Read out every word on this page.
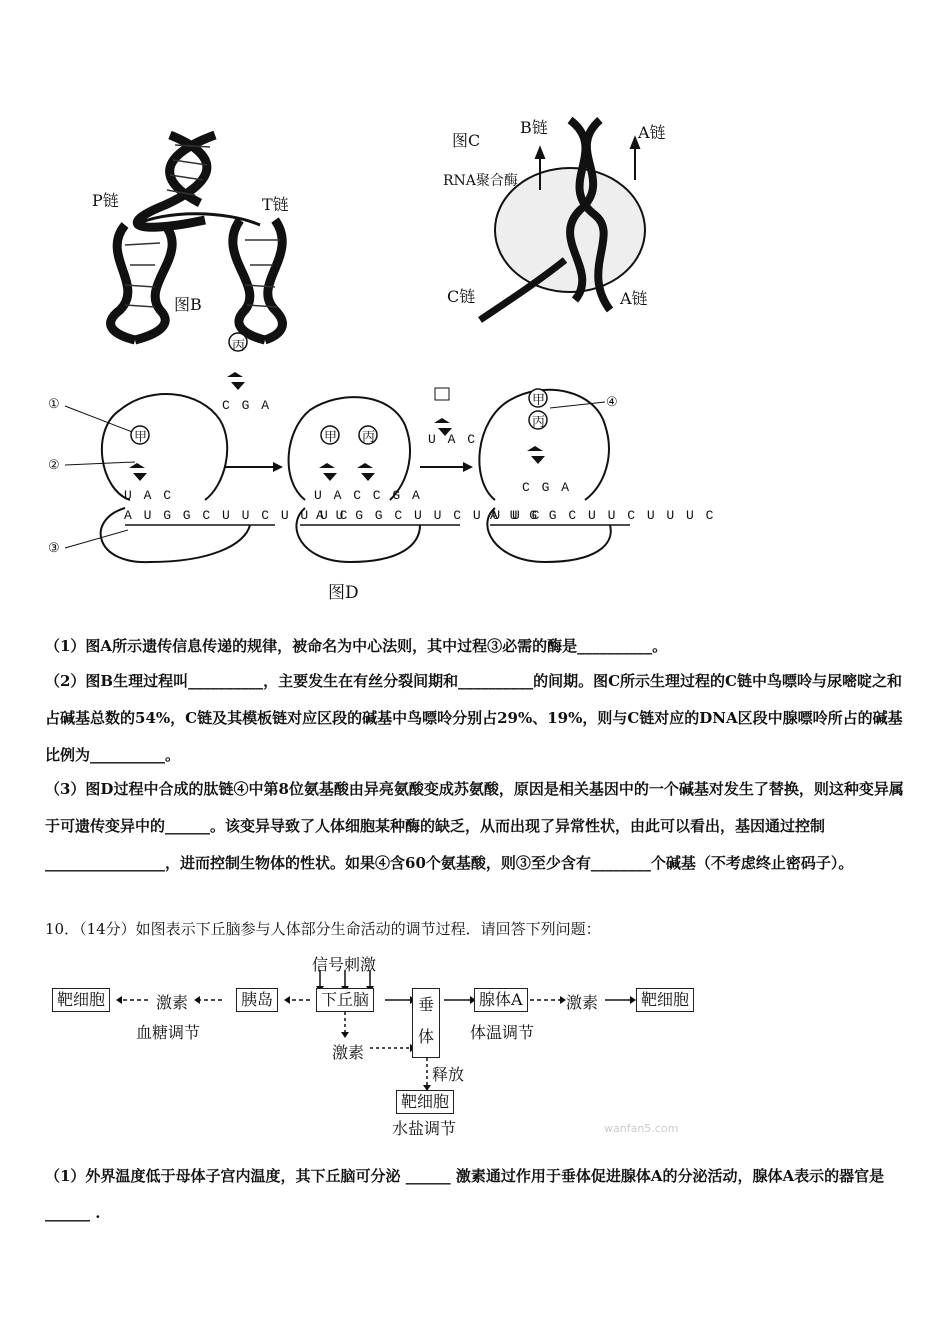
P链	T链
图B
图C
B链	A链
RNA聚合酶
C链	A链
丙
C G A
U A C
①
②
③
④
甲	甲 丙
甲
丙
U A C	U A C C G A
C G A
A U G G C U U C U U U C
A U G G C U U C U U U C
A U G G C U U C U U U C
图D
（1）图A所示遗传信息传递的规律，被命名为中心法则，其中过程③必需的酶是__________。
（2）图B生理过程叫__________，主要发生在有丝分裂间期和__________的间期。图C所示生理过程的C链中鸟嘌呤与尿嘧啶之和占碱基总数的54%，C链及其模板链对应区段的碱基中鸟嘌呤分别占29%、19%，则与C链对应的DNA区段中腺嘌呤所占的碱基比例为__________。
（3）图D过程中合成的肽链④中第8位氨基酸由异亮氨酸变成苏氨酸，原因是相关基因中的一个碱基对发生了替换，则这种变异属于可遗传变异中的______。该变异导致了人体细胞某种酶的缺乏，从而出现了异常性状，由此可以看出，基因通过控制________________，进而控制生物体的性状。如果④含60个氨基酸，则③至少含有________个碱基（不考虑终止密码子）。
10．（14分）如图表示下丘脑参与人体部分生命活动的调节过程．请回答下列问题：
信号刺激
靶细胞	激素	胰岛	下丘脑	垂体
腺体A	激素	靶细胞
血糖调节	体温调节
激素
释放
靶细胞
水盐调节	wanfan5.com
（1）外界温度低于母体子宫内温度，其下丘脑可分泌 ______ 激素通过作用于垂体促进腺体A的分泌活动，腺体A表示的器官是 ______ .
